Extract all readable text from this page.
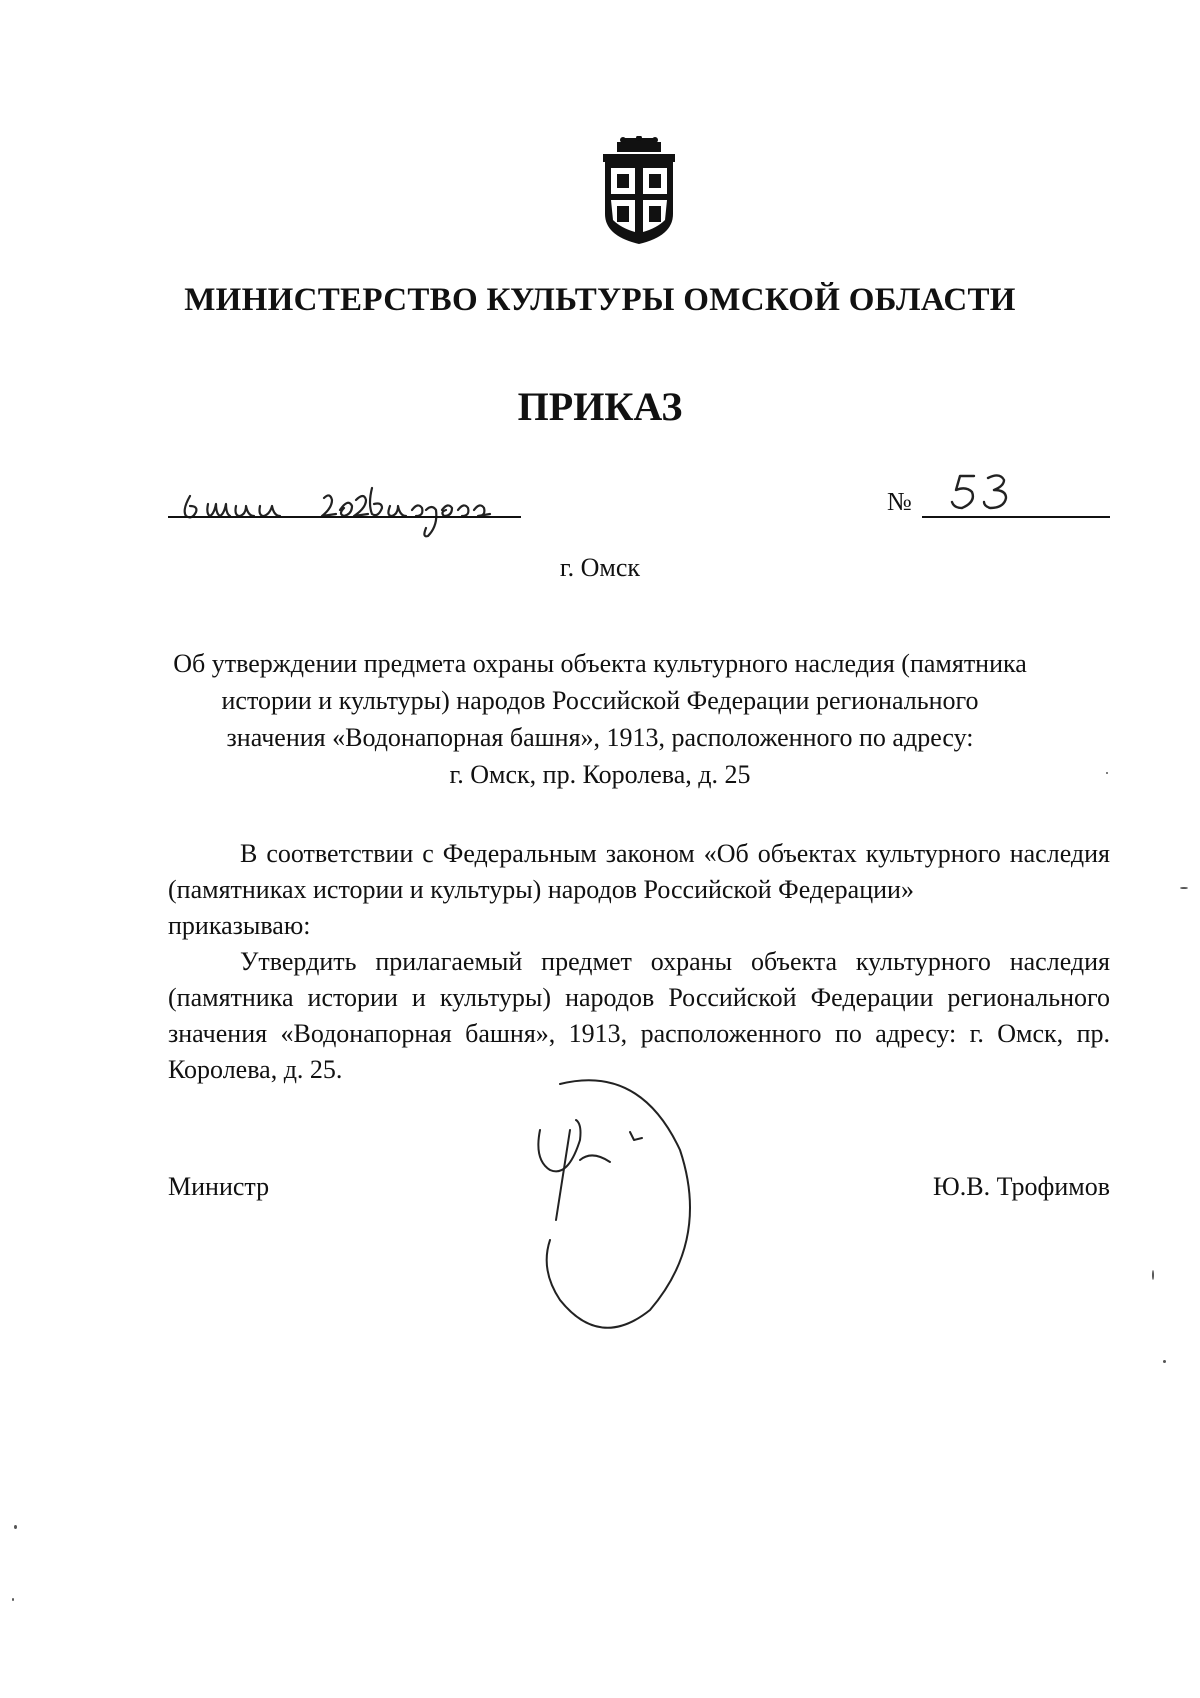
МИНИСТЕРСТВО КУЛЬТУРЫ ОМСКОЙ ОБЛАСТИ
ПРИКАЗ
№
г. Омск
Об утверждении предмета охраны объекта культурного наследия (памятника
истории и культуры) народов Российской Федерации регионального
значения «Водонапорная башня», 1913, расположенного по адресу:
г. Омск, пр. Королева, д. 25

В соответствии с Федеральным законом «Об объектах культурного наследия (памятниках истории и культуры) народов Российской Федерации»

приказываю:

Утвердить прилагаемый предмет охраны объекта культурного наследия (памятника истории и культуры) народов Российской Федерации регионального значения «Водонапорная башня», 1913, расположенного по адресу: г. Омск, пр. Королева, д. 25.

Министр	Ю.В. Трофимов
